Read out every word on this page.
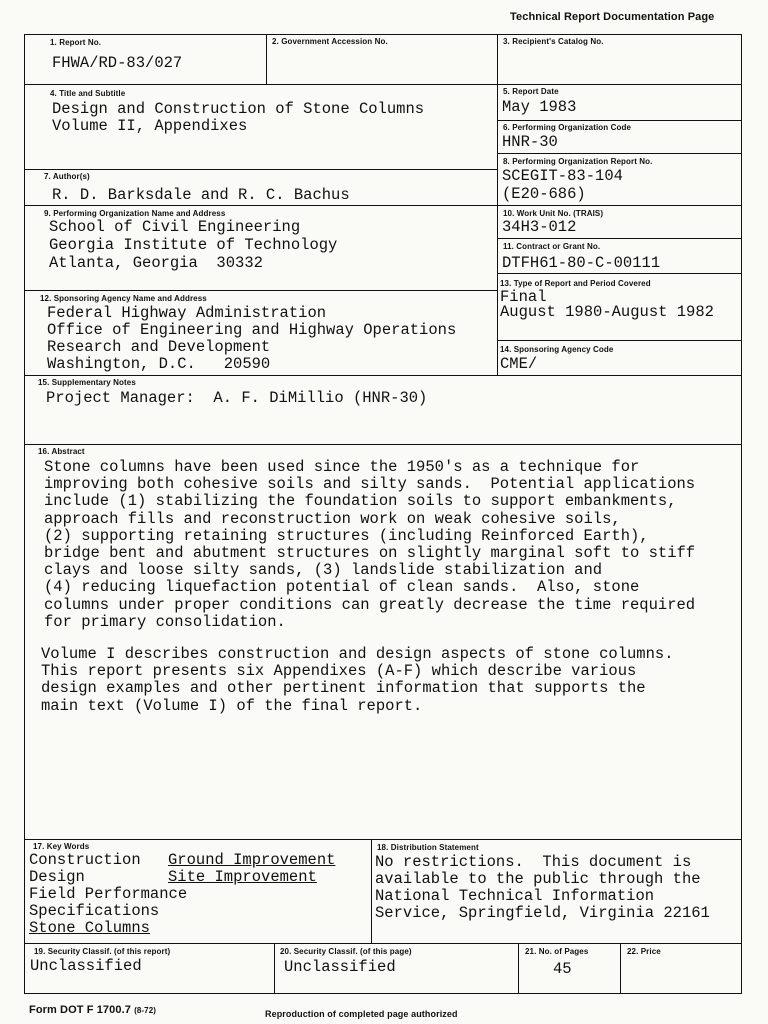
Technical Report Documentation Page
1. Report No.
FHWA/RD-83/027
2. Government Accession No.	3. Recipient's Catalog No.
4. Title and Subtitle
Design and Construction of Stone Columns
Volume II, Appendixes
5. Report Date
May 1983
6. Performing Organization Code
HNR-30
7. Author(s)
R. D. Barksdale and R. C. Bachus
8. Performing Organization Report No.
SCEGIT-83-104
(E20-686)
9. Performing Organization Name and Address
School of Civil Engineering
Georgia Institute of Technology
Atlanta, Georgia  30332
10. Work Unit No. (TRAIS)
34H3-012
11. Contract or Grant No.
DTFH61-80-C-00111
12. Sponsoring Agency Name and Address
Federal Highway Administration
Office of Engineering and Highway Operations
Research and Development
Washington, D.C.   20590
13. Type of Report and Period Covered
Final
August 1980-August 1982
14. Sponsoring Agency Code
CME/
15. Supplementary Notes
Project Manager:  A. F. DiMillio (HNR-30)
16. Abstract
Stone columns have been used since the 1950's as a technique for
improving both cohesive soils and silty sands.  Potential applications
include (1) stabilizing the foundation soils to support embankments,
approach fills and reconstruction work on weak cohesive soils,
(2) supporting retaining structures (including Reinforced Earth),
bridge bent and abutment structures on slightly marginal soft to stiff
clays and loose silty sands, (3) landslide stabilization and
(4) reducing liquefaction potential of clean sands.  Also, stone
columns under proper conditions can greatly decrease the time required
for primary consolidation.
Volume I describes construction and design aspects of stone columns.
This report presents six Appendixes (A-F) which describe various
design examples and other pertinent information that supports the
main text (Volume I) of the final report.
17. Key Words
Construction
Design
Field Performance
Specifications
Stone Columns
Ground Improvement
Site Improvement
18. Distribution Statement
No restrictions.  This document is
available to the public through the
National Technical Information
Service, Springfield, Virginia 22161
19. Security Classif. (of this report)
Unclassified
20. Security Classif. (of this page)
Unclassified
21. No. of Pages
45
22. Price
Form DOT F 1700.7 (8-72)	Reproduction of completed page authorized
